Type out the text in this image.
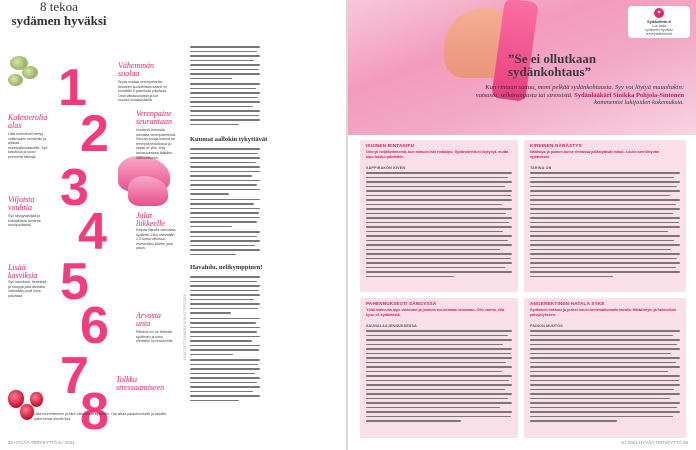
8 tekoa
sydämen hyväksi
1
2
3
4
5
6
7
8
Vähemmän suolaa
Suola nostaa verenpainetta. Aikuisen suositeltava saanti on enintään 5 grammaa päivässä. Osta vähäsuolaista ja lue ruokien suolasisältöä.
Verenpaine seurantaan
Huolehdi kohdalla olevasta verenpaineesta. Seuraa arvoja kotona tai terveydenhuollossa ja kirjaa ne ylös. Käy tarkastuksissa lääkärin säännöllisesti.
Kolesterolia alas
Liika kolesteroli kertyy valtimoiden seinämiin ja altistaa sepelvaltimotaudille. Syö kasviksia ja suosi pehmeitä rasvoja.
Jalat liikkeelle
Reipas liikunta vahvistaa sydäntä. Liiku vähintään 2,5 tuntia viikossa, esimerkiksi kävele joka päivä.
Viljoista vauhtia
Syö täysjyväviljaa ja kuitupitoisia tuotteita monipuolisesti.
Lisää kasviksia
Syö kasviksia, hedelmiä ja marjoja joka aterialla, vähintään puoli kiloa päivässä.
Arvosta unta
Riittävä uni on tärkeää sydämen ja koko elimistön hyvinvoinnille.
Tolkku stressaamiseen
Liika murehtiminen ja kiire vaikuttavat sydämiin. Ota aikaa palautumiselle ja asioille, jotka tuovat sinulle iloa.
KUVAT GETTY IMAGES JA SHUTTERSTOCK
Kuumat aallokin tykyttävät
Havahdu, nelikymppinen!
34 HYVÄÄ TERVEYTTÄ 5 / 2021
♥
Sydänliitto.fi
Lue lisää
sydämen hyväksi
terveyslähteestä
”Se ei ollutkaan
sydänkohtaus”
Kun rintaan sattuu, moni pelkää sydänkohtausta. Syy voi löytyä muualtakin: vatsasta, selkärangasta tai stressistä. Sydänlääkäri Sinikka Pohjola-Sintonen kommentoi lukijoiden kokemuksia.
IKUINEN RINTAKIPU
Olin yli neljäkymmentä, kun minuun iski rintakipu. Sydänoireita ei löytynyt, mutta kipu toistui päivittäin.
SAPPIRAKON KIVEN
KIREINEN NÄRÄSTYS
Närästys ja painon tunne rinnassa pelästyttivät minut. Luulin sen liittyvän sydämeeni.
TARINA ON
PAHENNUKSESTI SÄNGYSSÄ
Yöllä makuulla kipu vaikeutui ja jouduin nousemaan istumaan. Olin varma, että kyse oli sydämestä.
SAUNALAAJENNUKSESSA
ANGEREKTINEN HATALA SYKE
Sydämeni hakkasi ja pulssi nousi tuntemattomalla tavalla. Hätäännyin ja hakeuduin päivystykseen.
PAINON MUUTOS
5 / 2021 HYVÄÄ TERVEYTTÄ 35
